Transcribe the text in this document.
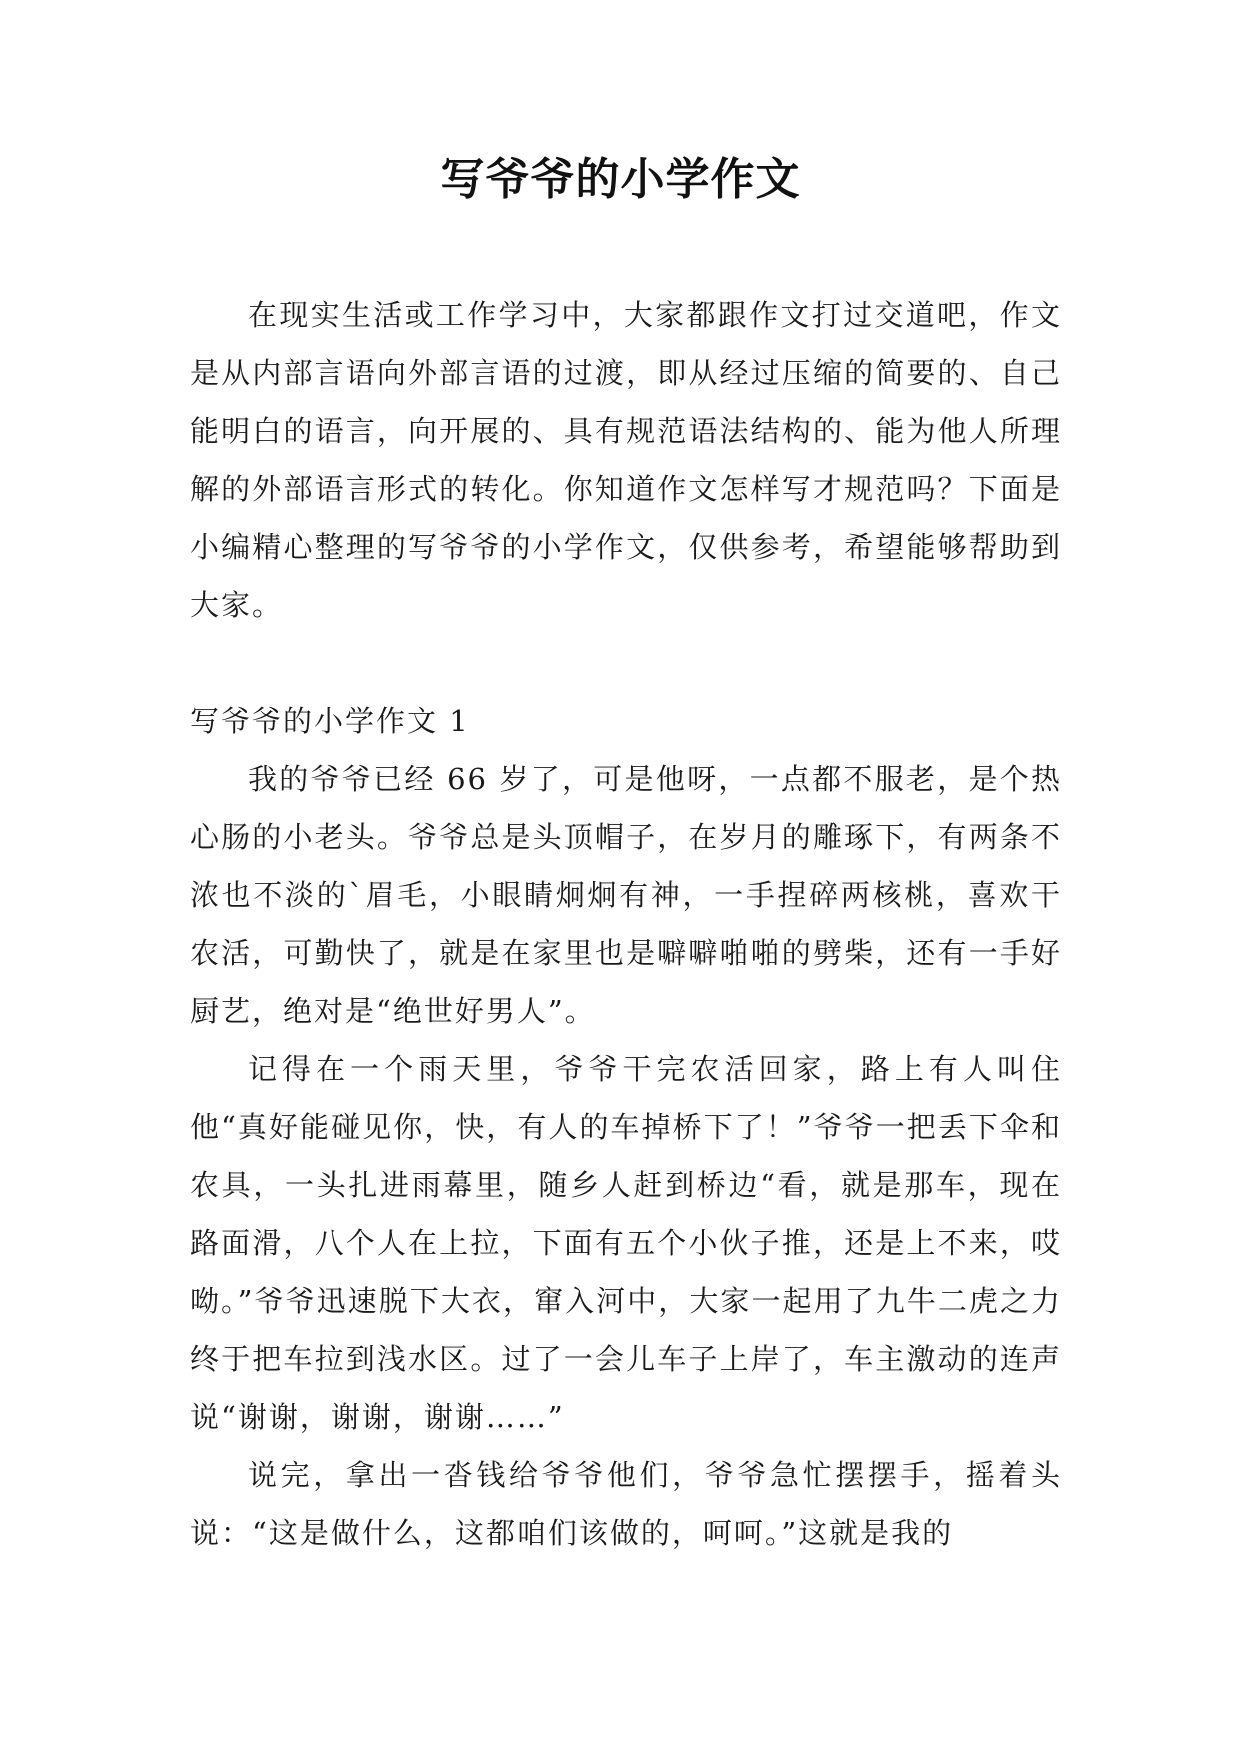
写爷爷的小学作文

在现实生活或工作学习中，大家都跟作文打过交道吧，作文是从内部言语向外部言语的过渡，即从经过压缩的简要的、自己能明白的语言，向开展的、具有规范语法结构的、能为他人所理解的外部语言形式的转化。你知道作文怎样写才规范吗？下面是小编精心整理的写爷爷的小学作文，仅供参考，希望能够帮助到大家。

写爷爷的小学作文 1

我的爷爷已经 66 岁了，可是他呀，一点都不服老，是个热心肠的小老头。爷爷总是头顶帽子，在岁月的雕琢下，有两条不浓也不淡的`眉毛，小眼睛炯炯有神，一手捏碎两核桃，喜欢干农活，可勤快了，就是在家里也是噼噼啪啪的劈柴，还有一手好厨艺，绝对是“绝世好男人”。

记得在一个雨天里，爷爷干完农活回家，路上有人叫住他“真好能碰见你，快，有人的车掉桥下了！”爷爷一把丢下伞和农具，一头扎进雨幕里，随乡人赶到桥边“看，就是那车，现在路面滑，八个人在上拉，下面有五个小伙子推，还是上不来，哎呦。”爷爷迅速脱下大衣，窜入河中，大家一起用了九牛二虎之力终于把车拉到浅水区。过了一会儿车子上岸了，车主激动的连声说“谢谢，谢谢，谢谢……”

说完，拿出一沓钱给爷爷他们，爷爷急忙摆摆手，摇着头说：“这是做什么，这都咱们该做的，呵呵。”这就是我的
